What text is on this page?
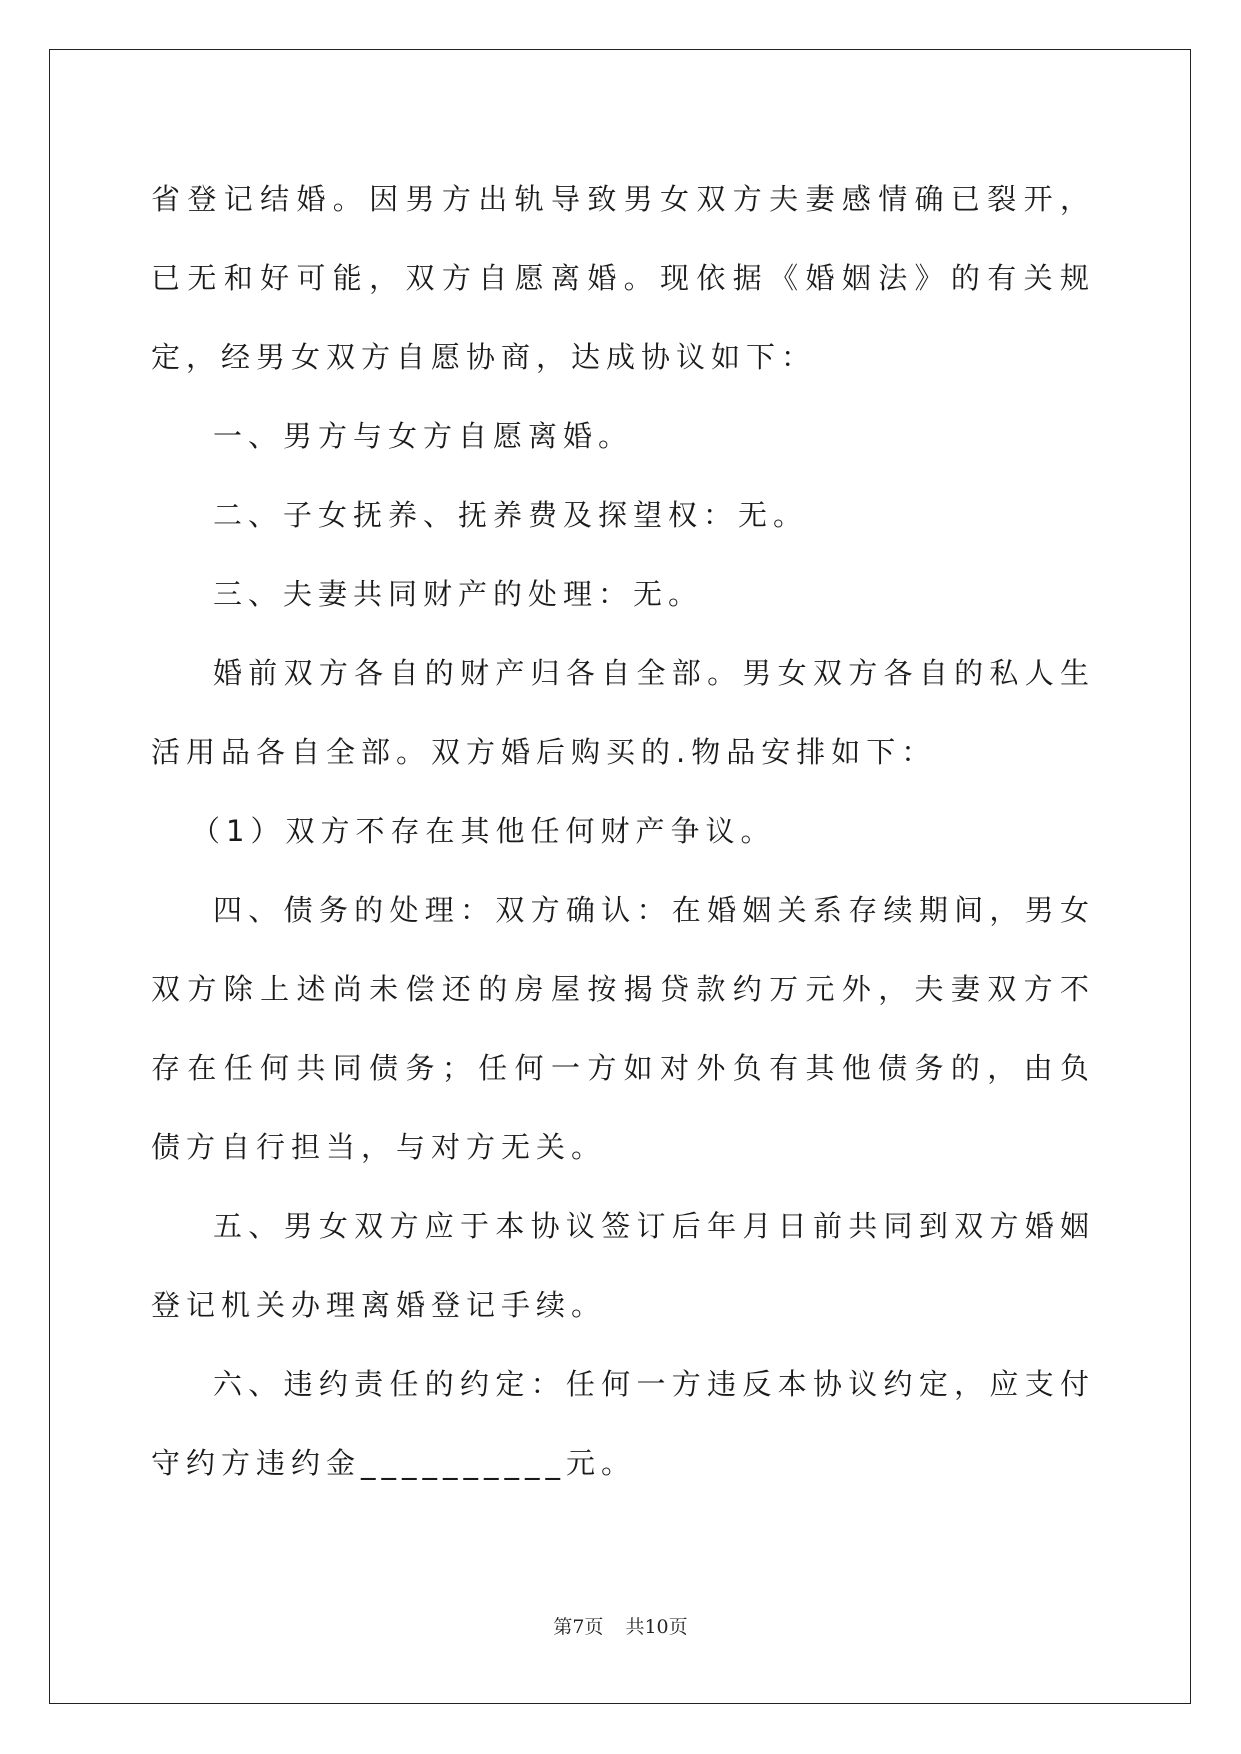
省登记结婚。因男方出轨导致男女双方夫妻感情确已裂开，已无和好可能，双方自愿离婚。现依据《婚姻法》的有关规定，经男女双方自愿协商，达成协议如下：

一、男方与女方自愿离婚。

二、子女抚养、抚养费及探望权：无。

三、夫妻共同财产的处理：无。

婚前双方各自的财产归各自全部。男女双方各自的私人生活用品各自全部。双方婚后购买的.物品安排如下：

（1）双方不存在其他任何财产争议。

四、债务的处理：双方确认：在婚姻关系存续期间，男女双方除上述尚未偿还的房屋按揭贷款约万元外，夫妻双方不存在任何共同债务；任何一方如对外负有其他债务的，由负债方自行担当，与对方无关。

五、男女双方应于本协议签订后年月日前共同到双方婚姻登记机关办理离婚登记手续。

六、违约责任的约定：任何一方违反本协议约定，应支付守约方违约金__________元。

第7页 共10页
